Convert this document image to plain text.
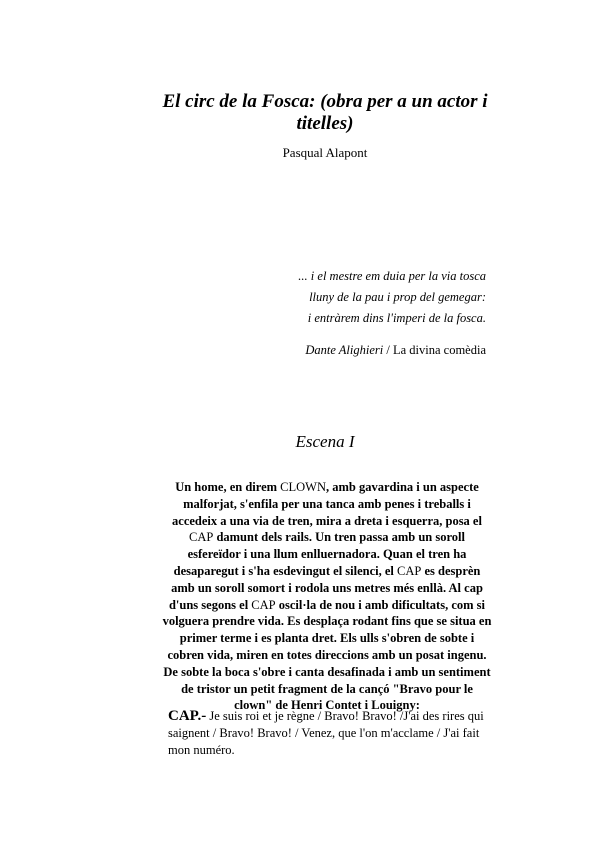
El circ de la Fosca: (obra per a un actor i titelles)
Pasqual Alapont
... i el mestre em duia per la via tosca
lluny de la pau i prop del gemegar:
i entràrem dins l'imperi de la fosca.
Dante Alighieri / La divina comèdia
Escena I
Un home, en direm CLOWN, amb gavardina i un aspecte malforjat, s'enfila per una tanca amb penes i treballs i accedeix a una via de tren, mira a dreta i esquerra, posa el CAP damunt dels rails. Un tren passa amb un soroll esfereïdor i una llum enlluernadora. Quan el tren ha desaparegut i s'ha esdevingut el silenci, el CAP es desprèn amb un soroll somort i rodola uns metres més enllà. Al cap d'uns segons el CAP oscil·la de nou i amb dificultats, com si volguera prendre vida. Es desplaça rodant fins que se situa en primer terme i es planta dret. Els ulls s'obren de sobte i cobren vida, miren en totes direccions amb un posat ingenu. De sobte la boca s'obre i canta desafinada i amb un sentiment de tristor un petit fragment de la cançó "Bravo pour le clown" de Henri Contet i Louigny:
CAP.- Je suis roi et je règne / Bravo! Bravo! /J'ai des rires qui saignent / Bravo! Bravo! / Venez, que l'on m'acclame / J'ai fait mon numéro.
